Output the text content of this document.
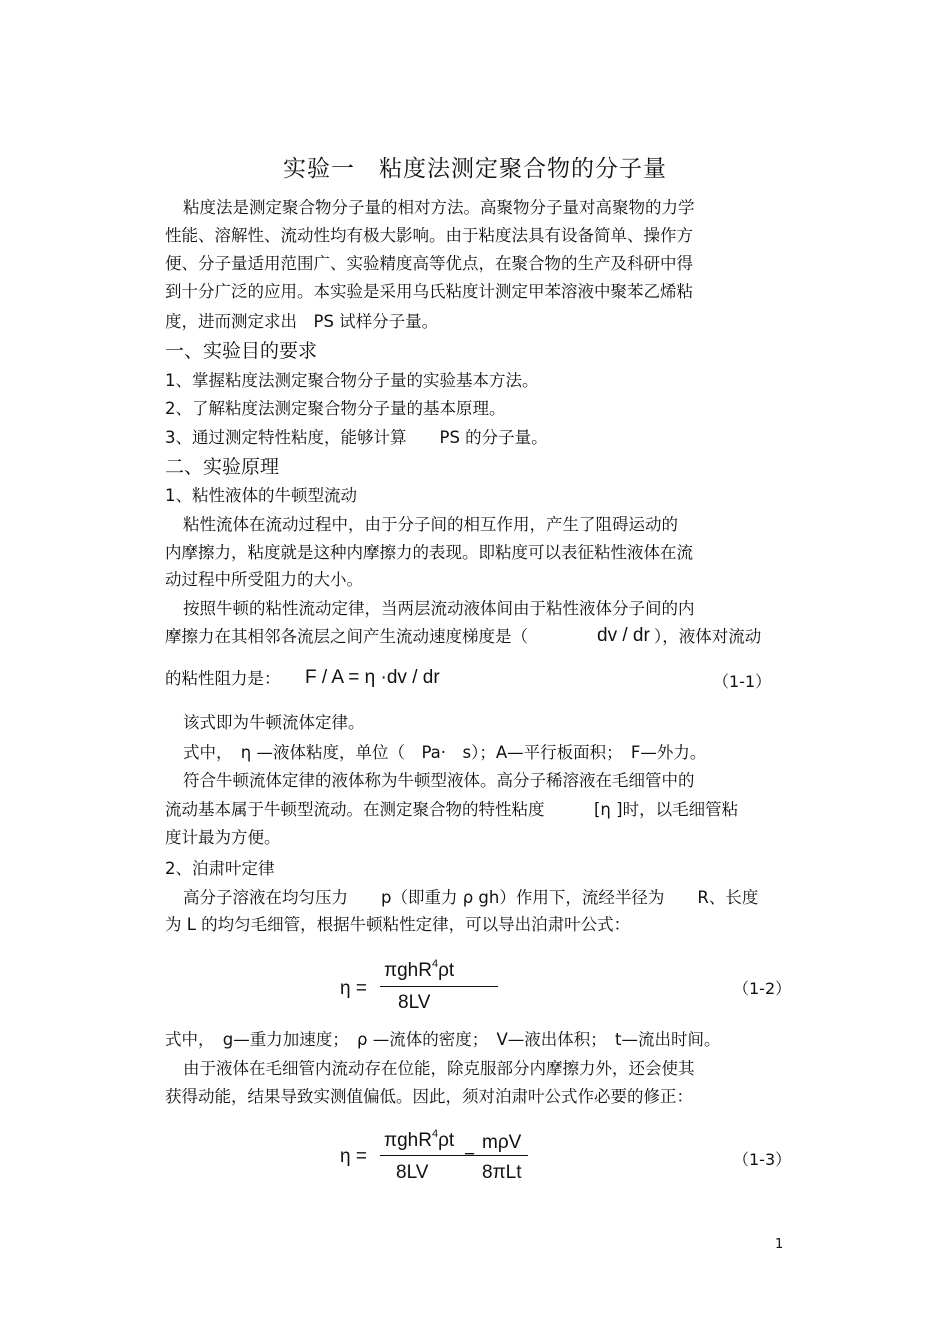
实验一　粘度法测定聚合物的分子量
粘度法是测定聚合物分子量的相对方法。高聚物分子量对高聚物的力学
性能、溶解性、流动性均有极大影响。由于粘度法具有设备简单、操作方
便、分子量适用范围广、实验精度高等优点，在聚合物的生产及科研中得
到十分广泛的应用。本实验是采用乌氏粘度计测定甲苯溶液中聚苯乙烯粘
度，进而测定求出　PS 试样分子量。
一、实验目的要求
1、掌握粘度法测定聚合物分子量的实验基本方法。
2、了解粘度法测定聚合物分子量的基本原理。
3、通过测定特性粘度，能够计算　　PS 的分子量。
二、实验原理
1、粘性液体的牛顿型流动
粘性流体在流动过程中，由于分子间的相互作用，产生了阻碍运动的
内摩擦力，粘度就是这种内摩擦力的表现。即粘度可以表征粘性液体在流
动过程中所受阻力的大小。
按照牛顿的粘性流动定律，当两层流动液体间由于粘性液体分子间的内
摩擦力在其相邻各流层之间产生流动速度梯度是（	dv / dr ），液体对流动
的粘性阻力是： F / A = η ·dv / dr	（1-1）
该式即为牛顿流体定律。
式中，　η —液体粘度，单位（　Pa·　s）；A—平行板面积；　F—外力。
符合牛顿流体定律的液体称为牛顿型液体。高分子稀溶液在毛细管中的
流动基本属于牛顿型流动。在测定聚合物的特性粘度　　　[η ]时，以毛细管粘
度计最为方便。
2、泊肃叶定律
高分子溶液在均匀压力　　p（即重力 ρ gh）作用下，流经半径为　　R、长度
为 L 的均匀毛细管，根据牛顿粘性定律，可以导出泊肃叶公式：
η =
πghR$^4$ρt
8LV
（1-2）
式中，　g—重力加速度；　ρ —流体的密度；　V—液出体积；　t—流出时间。
由于液体在毛细管内流动存在位能，除克服部分内摩擦力外，还会使其
获得动能，结果导致实测值偏低。因此，须对泊肃叶公式作必要的修正：
η =
πghR$^4$ρt
8LV
−
mρV
8πLt
（1-3）
1
